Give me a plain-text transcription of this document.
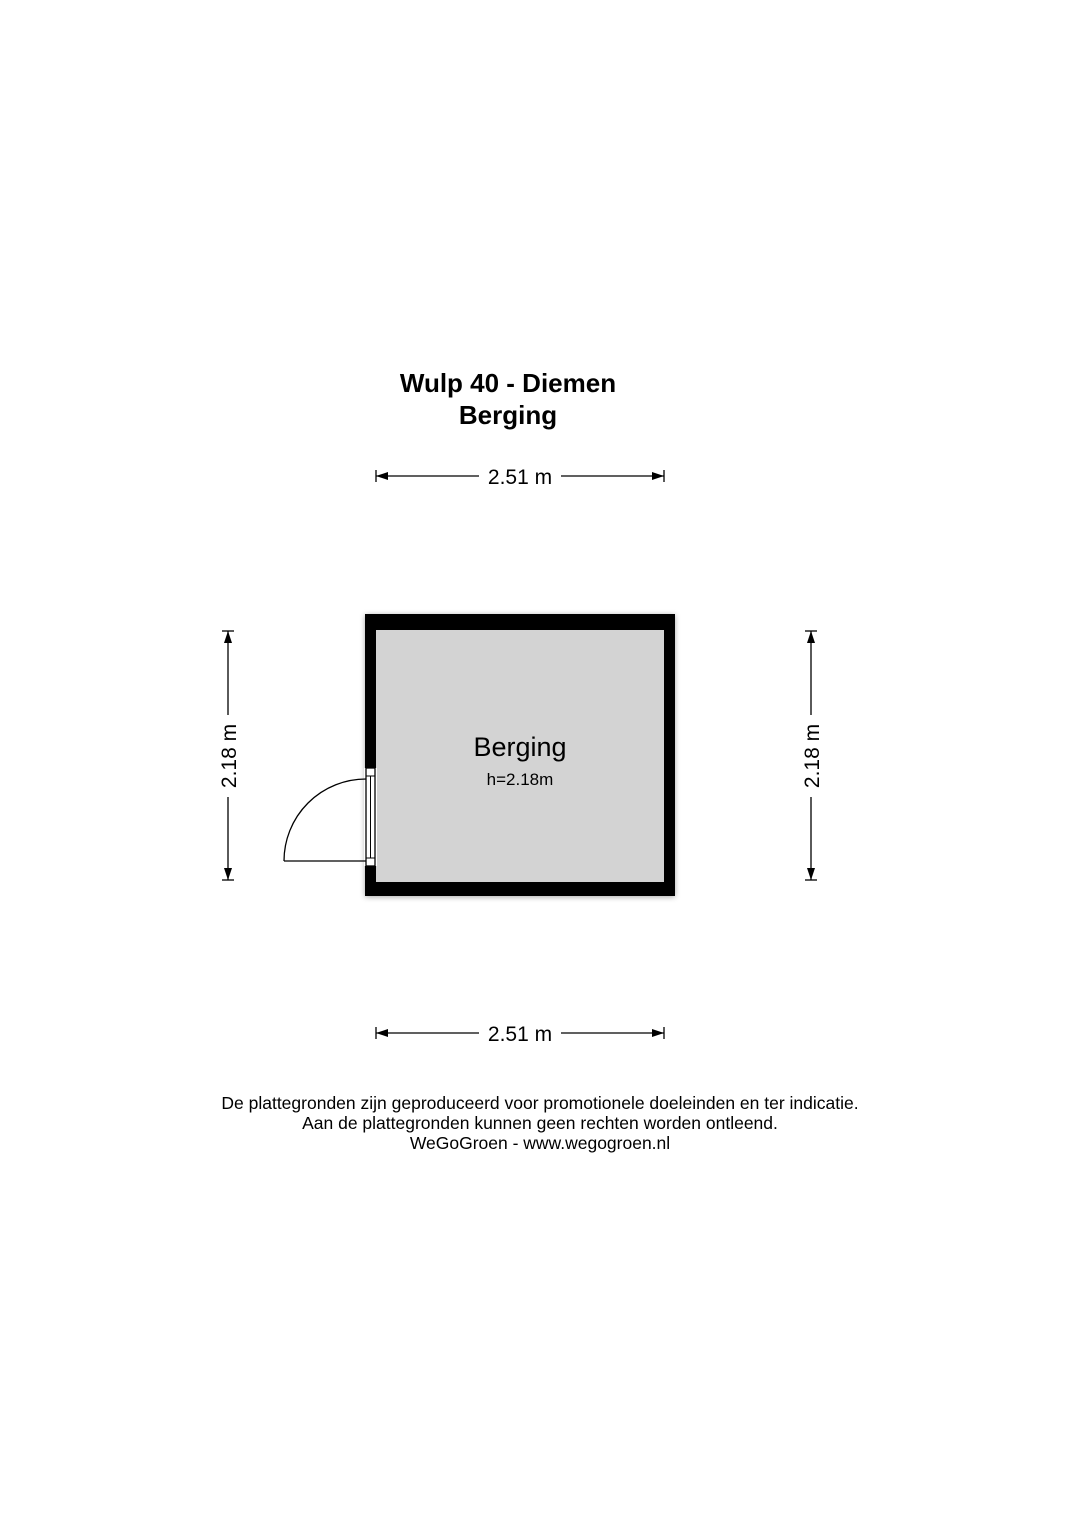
Wulp 40 - Diemen
Berging
2.51 m
2.51 m
2.18 m	2.18 m
Berging
h=2.18m
De plattegronden zijn geproduceerd voor promotionele doeleinden en ter indicatie.
Aan de plattegronden kunnen geen rechten worden ontleend.
WeGoGroen - www.wegogroen.nl
